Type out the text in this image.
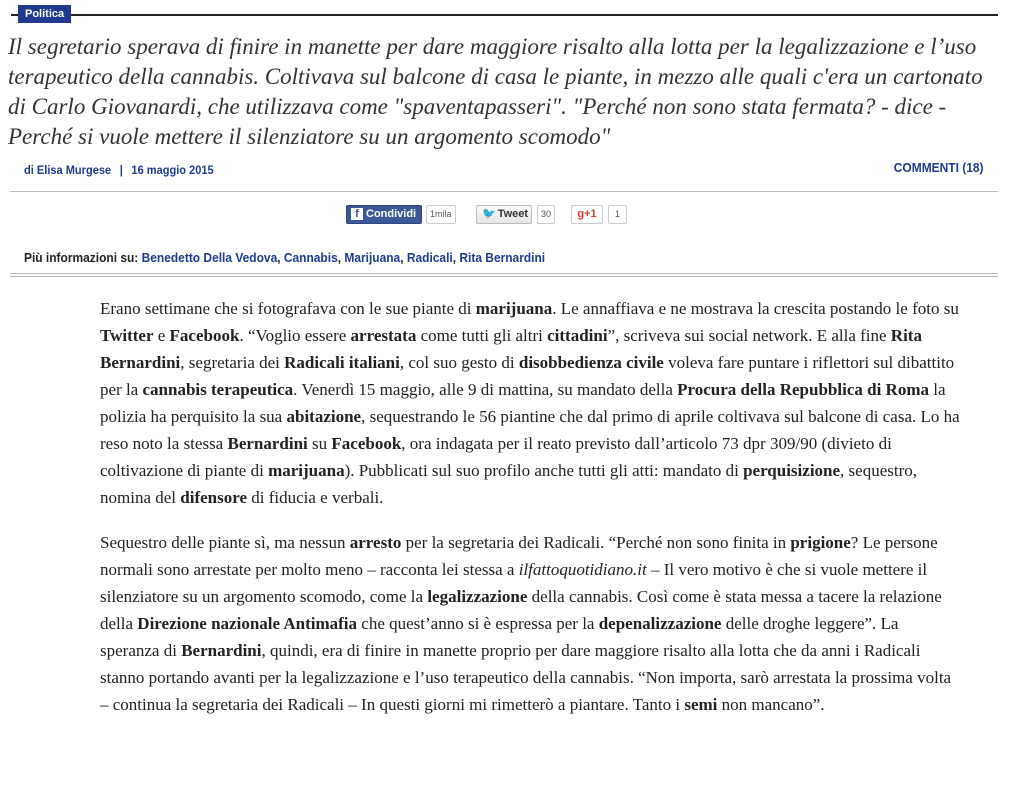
Politica
Il segretario sperava di finire in manette per dare maggiore risalto alla lotta per la legalizzazione e l’uso terapeutico della cannabis. Coltivava sul balcone di casa le piante, in mezzo alle quali c'era un cartonato di Carlo Giovanardi, che utilizzava come "spaventapasseri". "Perché non sono stata fermata? - dice - Perché si vuole mettere il silenziatore su un argomento scomodo"
di Elisa Murgese | 16 maggio 2015	COMMENTI (18)
f Condividi	1mila	🐦 Tweet	30	g+1	1
Più informazioni su: Benedetto Della Vedova, Cannabis, Marijuana, Radicali, Rita Bernardini

Erano settimane che si fotografava con le sue piante di marijuana. Le annaffiava e ne mostrava la crescita postando le foto su Twitter e Facebook. “Voglio essere arrestata come tutti gli altri cittadini”, scriveva sui social network. E alla fine Rita Bernardini, segretaria dei Radicali italiani, col suo gesto di disobbedienza civile voleva fare puntare i riflettori sul dibattito per la cannabis terapeutica. Venerdì 15 maggio, alle 9 di mattina, su mandato della Procura della Repubblica di Roma la polizia ha perquisito la sua abitazione, sequestrando le 56 piantine che dal primo di aprile coltivava sul balcone di casa. Lo ha reso noto la stessa Bernardini su Facebook, ora indagata per il reato previsto dall’articolo 73 dpr 309/90 (divieto di coltivazione di piante di marijuana). Pubblicati sul suo profilo anche tutti gli atti: mandato di perquisizione, sequestro, nomina del difensore di fiducia e verbali.

Sequestro delle piante sì, ma nessun arresto per la segretaria dei Radicali. “Perché non sono finita in prigione? Le persone normali sono arrestate per molto meno – racconta lei stessa a ilfattoquotidiano.it – Il vero motivo è che si vuole mettere il silenziatore su un argomento scomodo, come la legalizzazione della cannabis. Così come è stata messa a tacere la relazione della Direzione nazionale Antimafia che quest’anno si è espressa per la depenalizzazione delle droghe leggere”. La speranza di Bernardini, quindi, era di finire in manette proprio per dare maggiore risalto alla lotta che da anni i Radicali stanno portando avanti per la legalizzazione e l’uso terapeutico della cannabis. “Non importa, sarò arrestata la prossima volta – continua la segretaria dei Radicali – In questi giorni mi rimetterò a piantare. Tanto i semi non mancano”.
